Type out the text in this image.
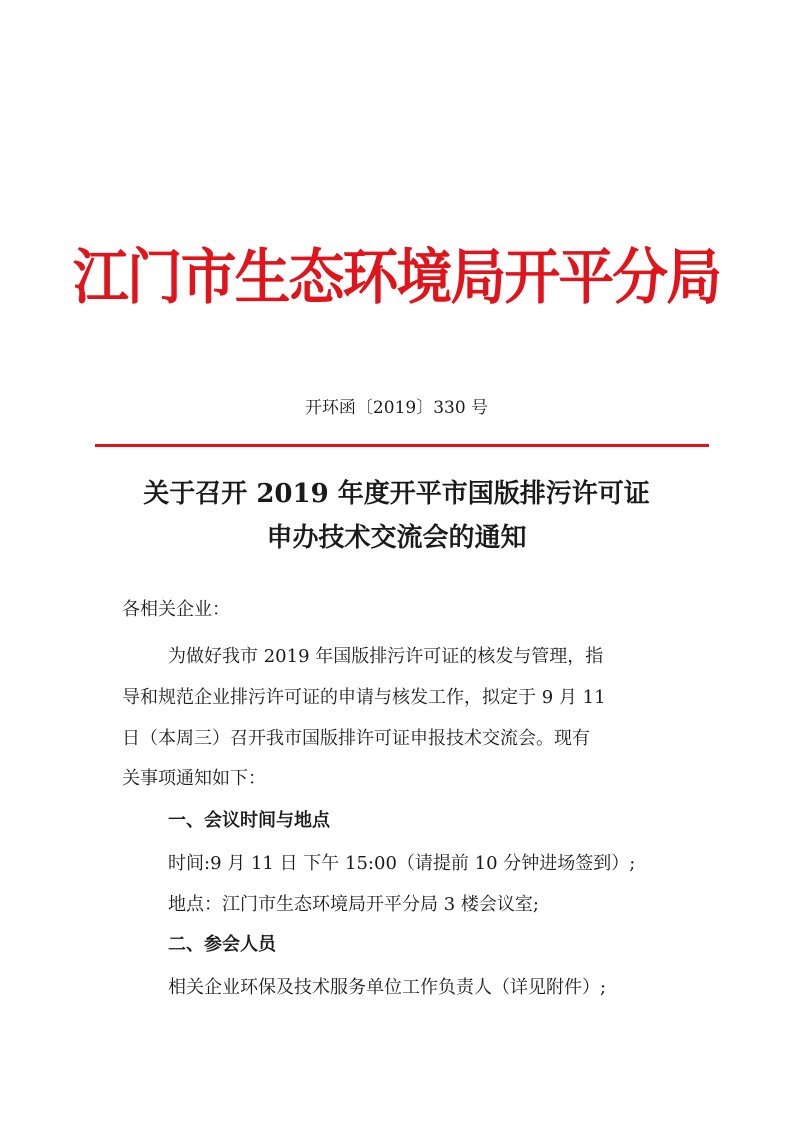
江门市生态环境局开平分局
开环函〔2019〕330 号
关于召开 2019 年度开平市国版排污许可证
申办技术交流会的通知
各相关企业：
为做好我市 2019 年国版排污许可证的核发与管理，指
导和规范企业排污许可证的申请与核发工作，拟定于 9 月 11
日（本周三）召开我市国版排许可证申报技术交流会。现有
关事项通知如下：
一、会议时间与地点
时间:9 月 11 日 下午 15:00（请提前 10 分钟进场签到）;
地点：江门市生态环境局开平分局 3 楼会议室;
二、参会人员
相关企业环保及技术服务单位工作负责人（详见附件）;
